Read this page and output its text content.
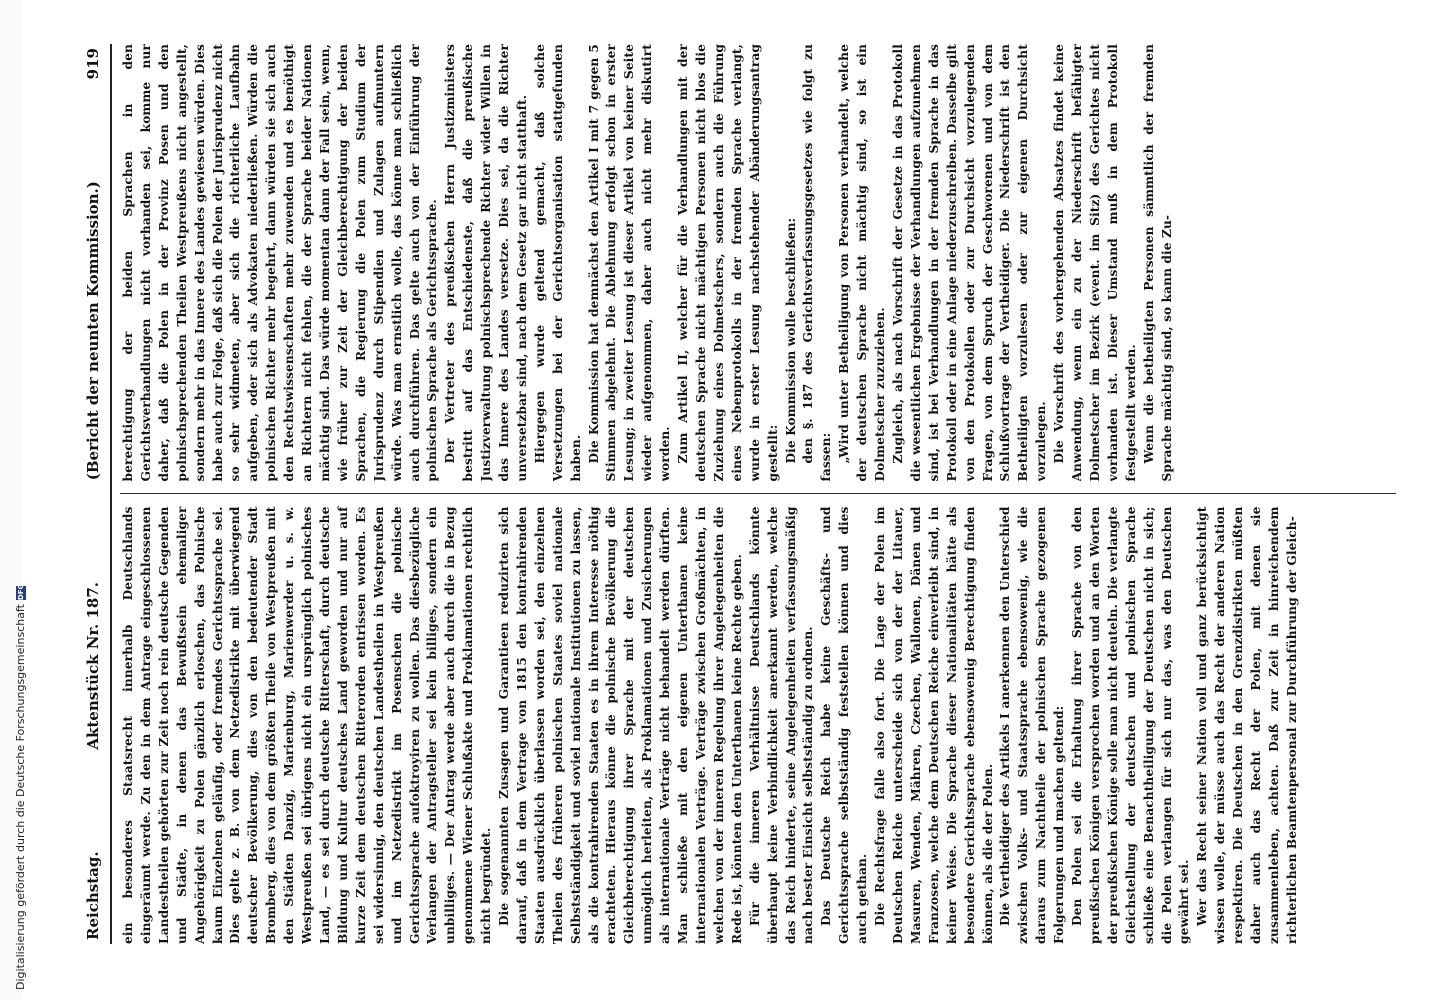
Digitalisierung gefördert durch die Deutsche Forschungsgemeinschaft
DFG
Reichstag.
Aktenstück Nr. 187.
(Bericht der neunten Kommission.)
919

ein besonderes Staatsrecht innerhalb Deutschlands eingeräumt werde. Zu den in dem Antrage eingeschlossenen Landestheilen gehörten zur Zeit noch rein deutsche Gegenden und Städte, in denen das Bewußtsein ehemaliger Angehörigkeit zu Polen gänzlich erloschen, das Polnische kaum Einzelnen geläufig, oder fremdes Gerichtssprache sei. Dies gelte z. B. von dem Netzedistrikte mit überwiegend deutscher Bevölkerung, dies von den bedeutender Stadt Bromberg, dies von dem größten Theile von Westpreußen mit den Städten Danzig, Marienburg, Marienwerder u. s. w. Westpreußen sei übrigens nicht ein ursprünglich polnisches Land, — es sei durch deutsche Ritterschaft, durch deutsche Bildung und Kultur deutsches Land geworden und nur auf kurze Zeit dem deutschen Ritterorden entrissen worden. Es sei widersinnig, den deutschen Landestheilen in Westpreußen und im Netzedistrikt im Posenschen die polnische Gerichtssprache aufoktroyiren zu wollen. Das diesbezügliche Verlangen der Antragsteller sei kein billiges, sondern ein unbilliges. — Der Antrag werde aber auch durch die in Bezug genommene Wiener Schlußakte und Proklamationen rechtlich nicht begründet. Die sogenannten Zusagen und Garantieen reduzirten sich darauf, daß in dem Vertrage von 1815 den kontrahirenden Staaten ausdrücklich überlassen worden sei, den einzelnen Theilen des früheren polnischen Staates soviel nationale Selbstständigkeit und soviel nationale Institutionen zu lassen, als die kontrahirenden Staaten es in ihrem Interesse nöthig erachteten. Hieraus könne die polnische Bevölkerung die Gleichberechtigung ihrer Sprache mit der deutschen unmöglich herleiten, als Proklamationen und Zusicherungen als internationale Verträge nicht behandelt werden dürften. Man schließe mit den eigenen Unterthanen keine internationalen Verträge. Verträge zwischen Großmächten, in welchen von der inneren Regelung ihrer Angelegenheiten die Rede ist, könnten den Unterthanen keine Rechte geben. Für die inneren Verhältnisse Deutschlands könnte überhaupt keine Verbindlichkeit anerkannt werden, welche das Reich hinderte, seine Angelegenheiten verfassungsmäßig nach bester Einsicht selbstständig zu ordnen. Das Deutsche Reich habe keine Geschäfts- und Gerichtssprache selbstständig feststellen können und dies auch gethan. Die Rechtsfrage falle also fort. Die Lage der Polen im Deutschen Reiche unterscheide sich von der der Litauer, Masuren, Wenden, Mähren, Czechen, Wallonen, Dänen und Franzosen, welche dem Deutschen Reiche einverleibt sind, in keiner Weise. Die Sprache dieser Nationalitäten hätte als besondere Gerichtssprache ebensowenig Berechtigung finden können, als die der Polen. Die Vertheidiger des Artikels I anerkennen den Unterschied zwischen Volks- und Staatssprache ebensowenig, wie die daraus zum Nachtheile der polnischen Sprache gezogenen Folgerungen und machen geltend: Den Polen sei die Erhaltung ihrer Sprache von den preußischen Königen versprochen worden und an den Worten der preußischen Könige solle man nicht deuteln. Die verlangte Gleichstellung der deutschen und polnischen Sprache schließe eine Benachtheiligung der Deutschen nicht in sich; die Polen verlangen für sich nur das, was den Deutschen gewährt sei. Wer das Recht seiner Nation voll und ganz berücksichtigt wissen wolle, der müsse auch das Recht der anderen Nation respektiren. Die Deutschen in den Grenzdistrikten müßten daher auch das Recht der Polen, mit denen sie zusammenleben, achten. Daß zur Zeit in hinreichendem richterlichen Beamtenpersonal zur Durchführung der Gleich-

berechtigung der beiden Sprachen in den Gerichtsverhandlungen nicht vorhanden sei, komme nur daher, daß die Polen in der Provinz Posen und den polnischsprechenden Theilen Westpreußens nicht angestellt, sondern mehr in das Innere des Landes gewiesen würden. Dies habe auch zur Folge, daß sich die Polen der Jurisprudenz nicht so sehr widmeten, aber sich die richterliche Laufbahn aufgeben, oder sich als Advokaten niederließen. Würden die polnischen Richter mehr begehrt, dann würden sie sich auch den Rechtswissenschaften mehr zuwenden und es benöthigt an Richtern nicht fehlen, die der Sprache beider Nationen mächtig sind. Das würde momentan dann der Fall sein, wenn, wie früher zur Zeit der Gleichberechtigung der beiden Sprachen, die Regierung die Polen zum Studium der Jurisprudenz durch Stipendien und Zulagen aufmuntern würde. Was man ernstlich wolle, das könne man schließlich auch durchführen. Das gelte auch von der Einführung der polnischen Sprache als Gerichtssprache. Der Vertreter des preußischen Herrn Justizministers bestritt auf das Entschiedenste, daß die preußische Justizverwaltung polnischsprechende Richter wider Willen in das Innere des Landes versetze. Dies sei, da die Richter unversetzbar sind, nach dem Gesetz gar nicht statthaft. Hiergegen wurde geltend gemacht, daß solche Versetzungen bei der Gerichtsorganisation stattgefunden haben. Die Kommission hat demnächst den Artikel I mit 7 gegen 5 Stimmen abgelehnt. Die Ablehnung erfolgt schon in erster Lesung; in zweiter Lesung ist dieser Artikel von keiner Seite wieder aufgenommen, daher auch nicht mehr diskutirt worden. Zum Artikel II, welcher für die Verhandlungen mit der deutschen Sprache nicht mächtigen Personen nicht blos die Zuziehung eines Dolmetschers, sondern auch die Führung eines Nebenprotokolls in der fremden Sprache verlangt, wurde in erster Lesung nachstehender Abänderungsantrag gestellt: Die Kommission wolle beschließen: den §. 187 des Gerichtsverfassungsgesetzes wie folgt zu fassen: „Wird unter Betheiligung von Personen verhandelt, welche der deutschen Sprache nicht mächtig sind, so ist ein Dolmetscher zuzuziehen. Zugleich, als nach Vorschrift der Gesetze in das Protokoll die wesentlichen Ergebnisse der Verhandlungen aufzunehmen sind, ist bei Verhandlungen in der fremden Sprache in das Protokoll oder in eine Anlage niederzuschreiben. Dasselbe gilt von den Protokollen oder zur Durchsicht vorzulegenden Fragen, von dem Spruch der Geschworenen und von dem Schlußvortrage der Vertheidiger. Die Niederschrift ist den Betheiligten vorzulesen oder zur eigenen Durchsicht vorzulegen. Die Vorschrift des vorhergehenden Absatzes findet keine Anwendung, wenn ein zu der Niederschrift befähigter Dolmetscher im Bezirk (event. im Sitz) des Gerichtes nicht vorhanden ist. Dieser Umstand muß in dem Protokoll festgestellt werden. Wenn die betheiligten Personen sämmtlich der fremden Sprache mächtig sind, so kann die Zu-
